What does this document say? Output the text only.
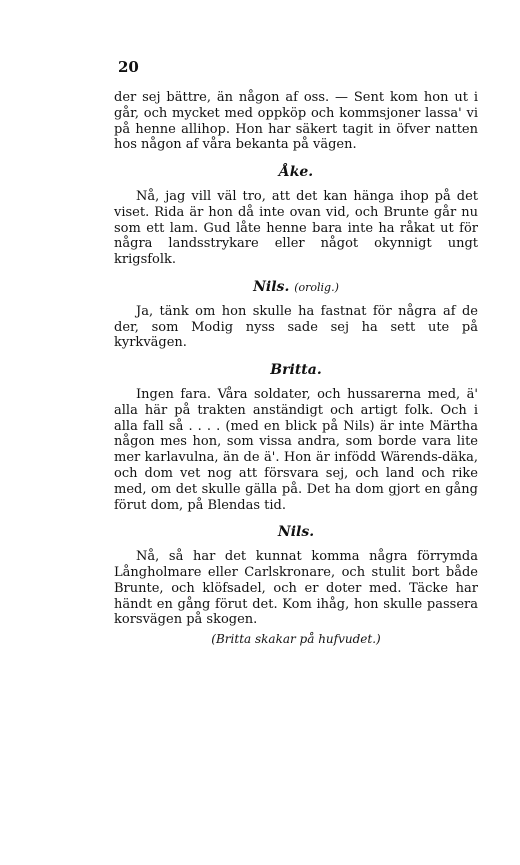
20

der sej bättre, än någon af oss. — Sent kom hon ut i går, och mycket med oppköp och kommsjoner lassa' vi på henne allihop. Hon har säkert tagit in öfver natten hos någon af våra bekanta på vägen.

Åke.

Nå, jag vill väl tro, att det kan hänga ihop på det viset. Rida är hon då inte ovan vid, och Brunte går nu som ett lam. Gud låte henne bara inte ha råkat ut för några landsstrykare eller något okynnigt ungt krigsfolk.

Nils. (orolig.)

Ja, tänk om hon skulle ha fastnat för några af de der, som Modig nyss sade sej ha sett ute på kyrkvägen.

Britta.

Ingen fara. Våra soldater, och hussarerna med, ä' alla här på trakten anständigt och artigt folk. Och i alla fall så . . . . (med en blick på Nils) är inte Märtha någon mes hon, som vissa andra, som borde vara lite mer karlavulna, än de ä'. Hon är infödd Wärends-däka, och dom vet nog att försvara sej, och land och rike med, om det skulle gälla på. Det ha dom gjort en gång förut dom, på Blendas tid.

Nils.

Nå, så har det kunnat komma några förrymda Långholmare eller Carlskronare, och stulit bort både Brunte, och klöfsadel, och er doter med. Täcke har händt en gång förut det. Kom ihåg, hon skulle passera korsvägen på skogen.

(Britta skakar på hufvudet.)
